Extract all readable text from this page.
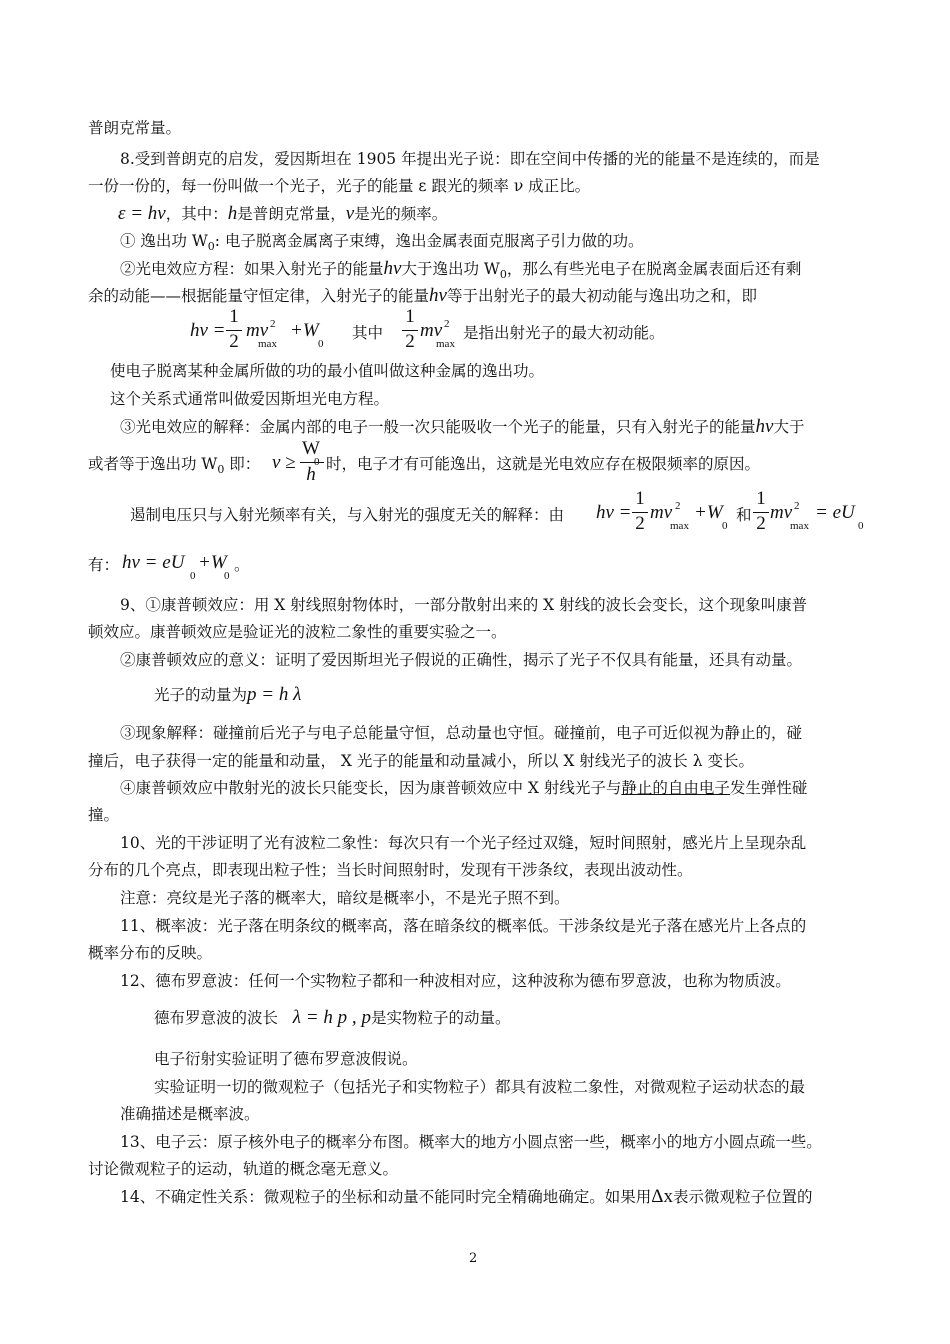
普朗克常量。
8.受到普朗克的启发，爱因斯坦在 1905 年提出光子说：即在空间中传播的光的能量不是连续的，而是
一份一份的，每一份叫做一个光子，光子的能量 ε 跟光的频率 ν 成正比。
ε = hν，其中：h是普朗克常量，ν是光的频率。
① 逸出功 $W_0$: 电子脱离金属离子束缚，逸出金属表面克服离子引力做的功。
②光电效应方程：如果入射光子的能量hν大于逸出功 $W_0$，那么有些光电子在脱离金属表面后还有剩
余的动能——根据能量守恒定律，入射光子的能量hν等于出射光子的最大初动能与逸出功之和，即
hν =
1
2
mv 2
max
+W
0
其中
1
2
mv 2
max
是指出射光子的最大初动能。
使电子脱离某种金属所做的功的最小值叫做这种金属的逸出功。
这个关系式通常叫做爱因斯坦光电方程。
③光电效应的解释：金属内部的电子一般一次只能吸收一个光子的能量，只有入射光子的能量hν大于
或者等于逸出功 $W_0$ 即： ν ≥
W
h 时，电子才有可能逸出，这就是光电效应存在极限频率的原因。
遏制电压只与入射光频率有关，与入射光的强度无关的解释：由 hν =
1
2
mv 2
max
+W
0
和
1
2
mv 2
max
= eU
0
有： hν = eU
0
+W
0
。
9、①康普顿效应：用 X 射线照射物体时，一部分散射出来的 X 射线的波长会变长，这个现象叫康普
顿效应。康普顿效应是验证光的波粒二象性的重要实验之一。
②康普顿效应的意义：证明了爱因斯坦光子假说的正确性，揭示了光子不仅具有能量，还具有动量。
光子的动量为p = h λ
③现象解释：碰撞前后光子与电子总能量守恒，总动量也守恒。碰撞前，电子可近似视为静止的，碰
撞后，电子获得一定的能量和动量， X 光子的能量和动量减小，所以 X 射线光子的波长 λ 变长。
④康普顿效应中散射光的波长只能变长，因为康普顿效应中 X 射线光子与静止的自由电子发生弹性碰
撞。
10、光的干涉证明了光有波粒二象性：每次只有一个光子经过双缝，短时间照射，感光片上呈现杂乱
分布的几个亮点，即表现出粒子性；当长时间照射时，发现有干涉条纹，表现出波动性。
注意：亮纹是光子落的概率大，暗纹是概率小，不是光子照不到。
11、概率波：光子落在明条纹的概率高，落在暗条纹的概率低。干涉条纹是光子落在感光片上各点的
概率分布的反映。
12、德布罗意波：任何一个实物粒子都和一种波相对应，这种波称为德布罗意波，也称为物质波。
德布罗意波的波长 λ = h p , p是实物粒子的动量。
电子衍射实验证明了德布罗意波假说。
实验证明一切的微观粒子（包括光子和实物粒子）都具有波粒二象性，对微观粒子运动状态的最
准确描述是概率波。
13、电子云：原子核外电子的概率分布图。概率大的地方小圆点密一些，概率小的地方小圆点疏一些。
讨论微观粒子的运动，轨道的概念毫无意义。
14、不确定性关系：微观粒子的坐标和动量不能同时完全精确地确定。如果用Δx表示微观粒子位置的
2
